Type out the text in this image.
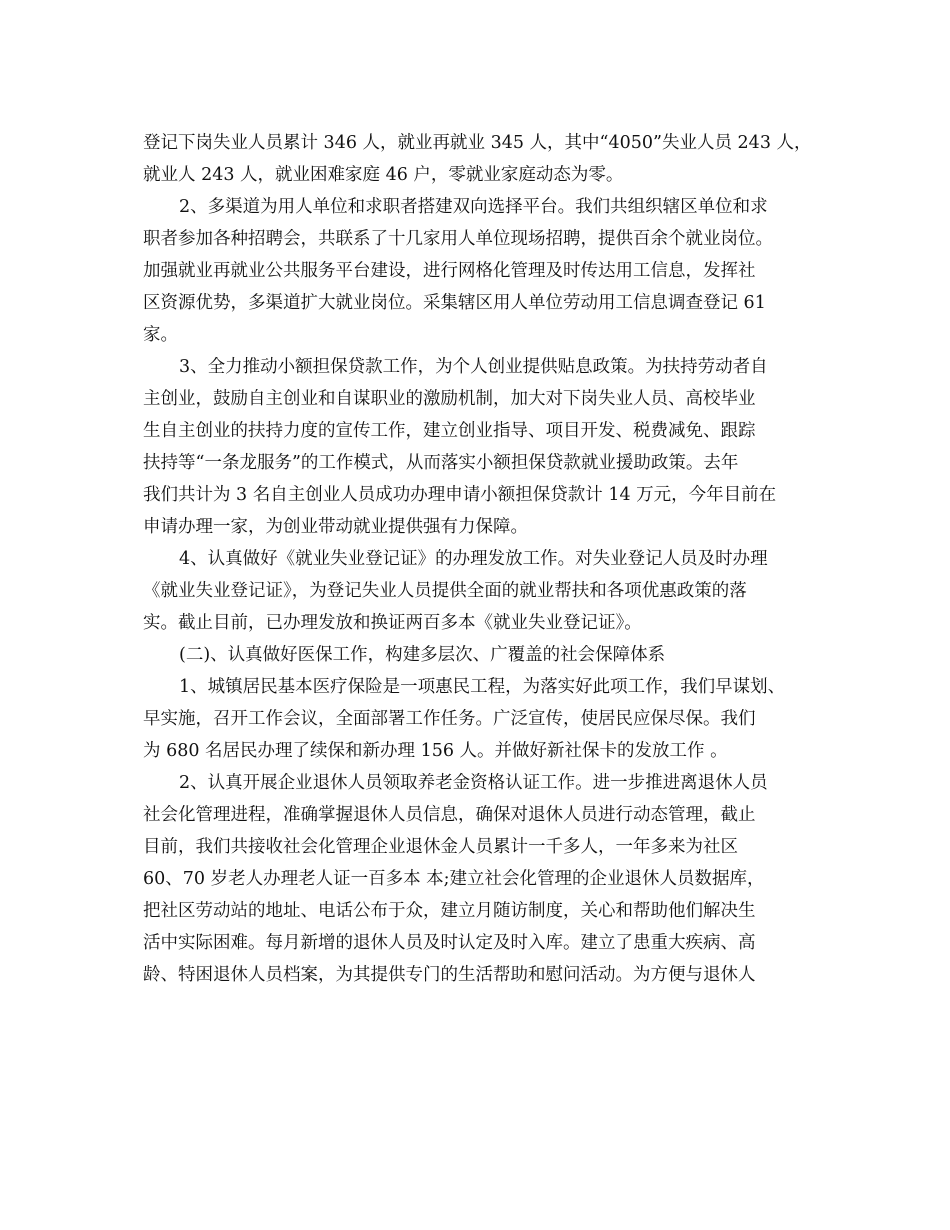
登记下岗失业人员累计 346 人，就业再就业 345 人，其中“4050”失业人员 243 人，
就业人 243 人，就业困难家庭 46 户，零就业家庭动态为零。
2、多渠道为用人单位和求职者搭建双向选择平台。我们共组织辖区单位和求
职者参加各种招聘会，共联系了十几家用人单位现场招聘，提供百余个就业岗位。
加强就业再就业公共服务平台建设，进行网格化管理及时传达用工信息，发挥社
区资源优势，多渠道扩大就业岗位。采集辖区用人单位劳动用工信息调查登记 61
家。
3、全力推动小额担保贷款工作，为个人创业提供贴息政策。为扶持劳动者自
主创业，鼓励自主创业和自谋职业的激励机制，加大对下岗失业人员、高校毕业
生自主创业的扶持力度的宣传工作，建立创业指导、项目开发、税费减免、跟踪
扶持等“一条龙服务”的工作模式，从而落实小额担保贷款就业援助政策。去年
我们共计为 3 名自主创业人员成功办理申请小额担保贷款计 14 万元，今年目前在
申请办理一家，为创业带动就业提供强有力保障。
4、认真做好《就业失业登记证》的办理发放工作。对失业登记人员及时办理
《就业失业登记证》，为登记失业人员提供全面的就业帮扶和各项优惠政策的落
实。截止目前，已办理发放和换证两百多本《就业失业登记证》。
(二)、认真做好医保工作，构建多层次、广覆盖的社会保障体系
1、城镇居民基本医疗保险是一项惠民工程，为落实好此项工作，我们早谋划、
早实施，召开工作会议，全面部署工作任务。广泛宣传，使居民应保尽保。我们
为 680 名居民办理了续保和新办理 156 人。并做好新社保卡的发放工作 。
2、认真开展企业退休人员领取养老金资格认证工作。进一步推进离退休人员
社会化管理进程，准确掌握退休人员信息，确保对退休人员进行动态管理，截止
目前，我们共接收社会化管理企业退休金人员累计一千多人，一年多来为社区
60、70 岁老人办理老人证一百多本 本;建立社会化管理的企业退休人员数据库，
把社区劳动站的地址、电话公布于众，建立月随访制度，关心和帮助他们解决生
活中实际困难。每月新增的退休人员及时认定及时入库。建立了患重大疾病、高
龄、特困退休人员档案，为其提供专门的生活帮助和慰问活动。为方便与退休人
